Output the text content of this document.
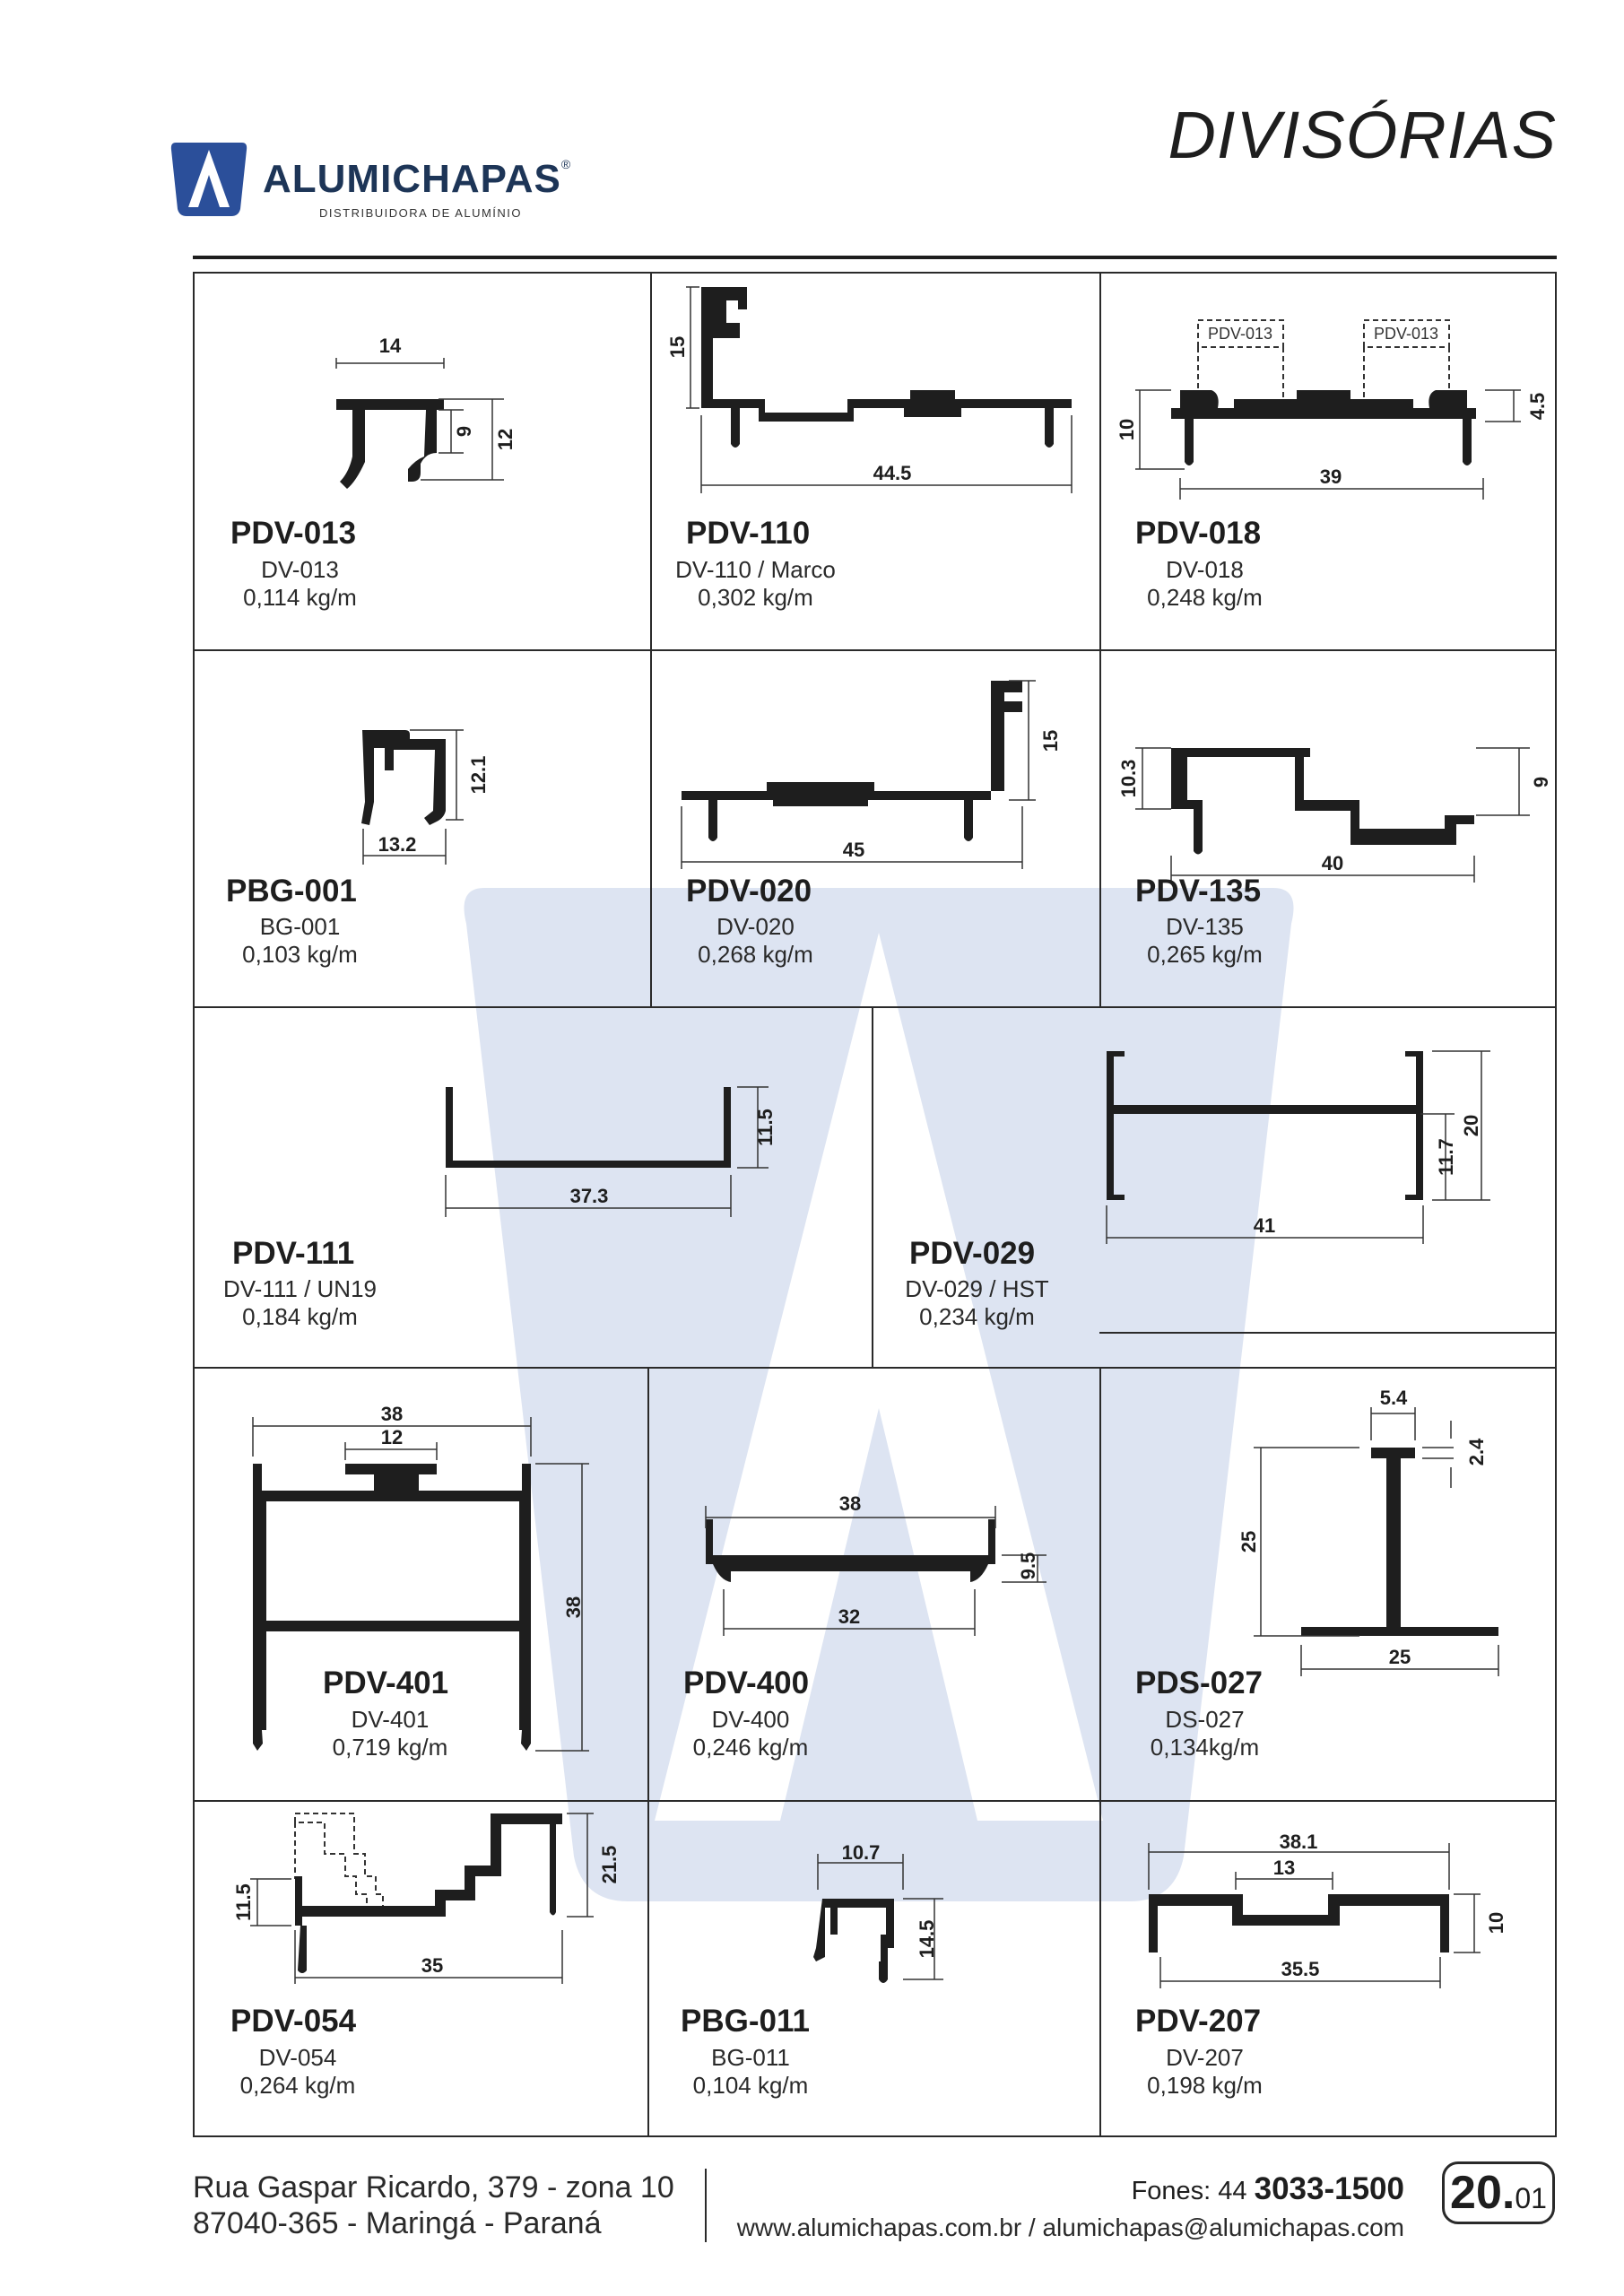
DIVISÓRIAS
ALUMICHAPAS®
DISTRIBUIDORA DE ALUMÍNIO
14
9 12
PDV-013
DV-013
0,114 kg/m
15
44.5
PDV-110
DV-110 / Marco
0,302 kg/m
PDV-013	PDV-013
10
39
4.5
PDV-018
DV-018
0,248 kg/m
12.1
13.2
PBG-001
BG-001
0,103 kg/m
15
45
PDV-020
DV-020
0,268 kg/m
10.3	9
40
PDV-135
DV-135
0,265 kg/m
11.5
37.3
PDV-111
DV-111 / UN19
0,184 kg/m
20
11.7
41
PDV-029
DV-029 / HST
0,234 kg/m
38
12
38
PDV-401
DV-401
0,719 kg/m
38
9.5
32
PDV-400
DV-400
0,246 kg/m
5.4
2.4
25
25
PDS-027
DS-027
0,134kg/m
11.5
21.5
35
PDV-054
DV-054
0,264 kg/m
10.7
14.5
PBG-011
BG-011
0,104 kg/m
38.1
13
10
35.5
PDV-207
DV-207
0,198 kg/m
Rua Gaspar Ricardo, 379 - zona 10
87040-365 - Maringá - Paraná
Fones: 44 3033-1500
www.alumichapas.com.br / alumichapas@alumichapas.com
20.01
